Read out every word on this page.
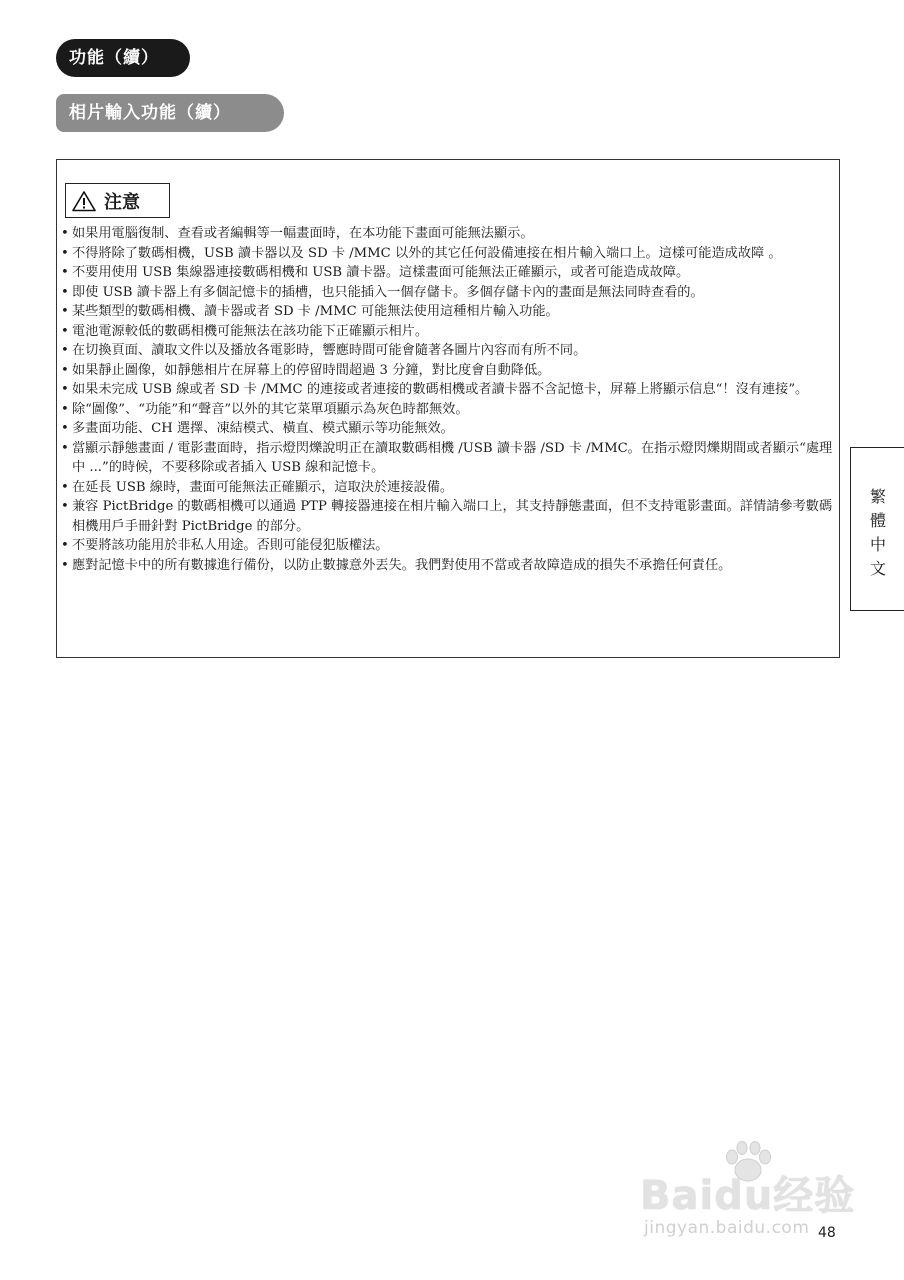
功能（續）
相片輸入功能（續）
注意
• 如果用電腦復制、查看或者編輯等一幅畫面時，在本功能下畫面可能無法顯示。
• 不得將除了數碼相機，USB 讀卡器以及 SD 卡 /MMC 以外的其它任何設備連接在相片輸入端口上。這樣可能造成故障 。
• 不要用使用 USB 集線器連接數碼相機和 USB 讀卡器。這樣畫面可能無法正確顯示，或者可能造成故障。
• 即使 USB 讀卡器上有多個記憶卡的插槽，也只能插入一個存儲卡。多個存儲卡內的畫面是無法同時查看的。
• 某些類型的數碼相機、讀卡器或者 SD 卡 /MMC 可能無法使用這種相片輸入功能。
• 電池電源較低的數碼相機可能無法在該功能下正確顯示相片。
• 在切換頁面、讀取文件以及播放各電影時，響應時間可能會隨著各圖片內容而有所不同。
• 如果靜止圖像，如靜態相片在屏幕上的停留時間超過 3 分鐘，對比度會自動降低。
• 如果未完成 USB 線或者 SD 卡 /MMC 的連接或者連接的數碼相機或者讀卡器不含記憶卡，屏幕上將顯示信息“！沒有連接”。
• 除“圖像”、“功能”和“聲音”以外的其它菜單項顯示為灰色時都無效。
• 多畫面功能、CH 選擇、凍結模式、橫直、模式顯示等功能無效。
• 當顯示靜態畫面 / 電影畫面時，指示燈閃爍說明正在讀取數碼相機 /USB 讀卡器 /SD 卡 /MMC。在指示燈閃爍期間或者顯示“處理中 ...”的時候，不要移除或者插入 USB 線和記憶卡。
• 在延長 USB 線時，畫面可能無法正確顯示，這取決於連接設備。
• 兼容 PictBridge 的數碼相機可以通過 PTP 轉接器連接在相片輸入端口上，其支持靜態畫面，但不支持電影畫面。詳情請參考數碼相機用戶手冊針對 PictBridge 的部分。
• 不要將該功能用於非私人用途。否則可能侵犯版權法。
• 應對記憶卡中的所有數據進行備份，以防止數據意外丟失。我們對使用不當或者故障造成的損失不承擔任何責任。
繁
體
中
文
Baidu经验
jingyan.baidu.com 48
